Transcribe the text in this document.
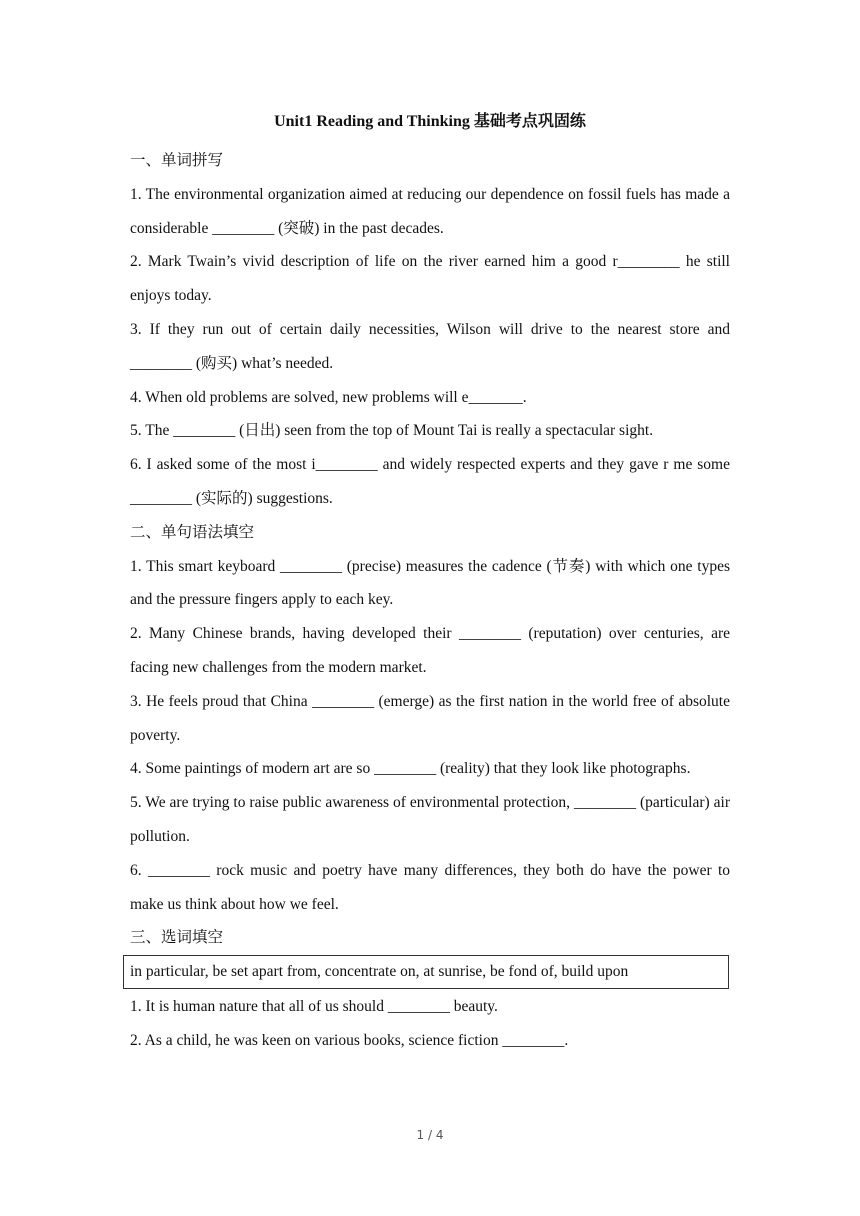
Unit1 Reading and Thinking 基础考点巩固练
一、单词拼写
1. The environmental organization aimed at reducing our dependence on fossil fuels has made a considerable ________ (突破) in the past decades.
2. Mark Twain’s vivid description of life on the river earned him a good r________ he still enjoys today.
3. If they run out of certain daily necessities, Wilson will drive to the nearest store and ________ (购买) what’s needed.
4. When old problems are solved, new problems will e_______.
5. The ________ (日出) seen from the top of Mount Tai is really a spectacular sight.
6. I asked some of the most i________ and widely respected experts and they gave r me some ________ (实际的) suggestions.
二、单句语法填空
1. This smart keyboard ________ (precise) measures the cadence (节奏) with which one types and the pressure fingers apply to each key.
2. Many Chinese brands, having developed their ________ (reputation) over centuries, are facing new challenges from the modern market.
3. He feels proud that China ________ (emerge) as the first nation in the world free of absolute poverty.
4. Some paintings of modern art are so ________ (reality) that they look like photographs.
5. We are trying to raise public awareness of environmental protection, ________ (particular) air pollution.
6. ________ rock music and poetry have many differences, they both do have the power to make us think about how we feel.
三、选词填空
in particular, be set apart from, concentrate on, at sunrise, be fond of, build upon
1. It is human nature that all of us should ________ beauty.
2. As a child, he was keen on various books, science fiction ________.
1 / 4
